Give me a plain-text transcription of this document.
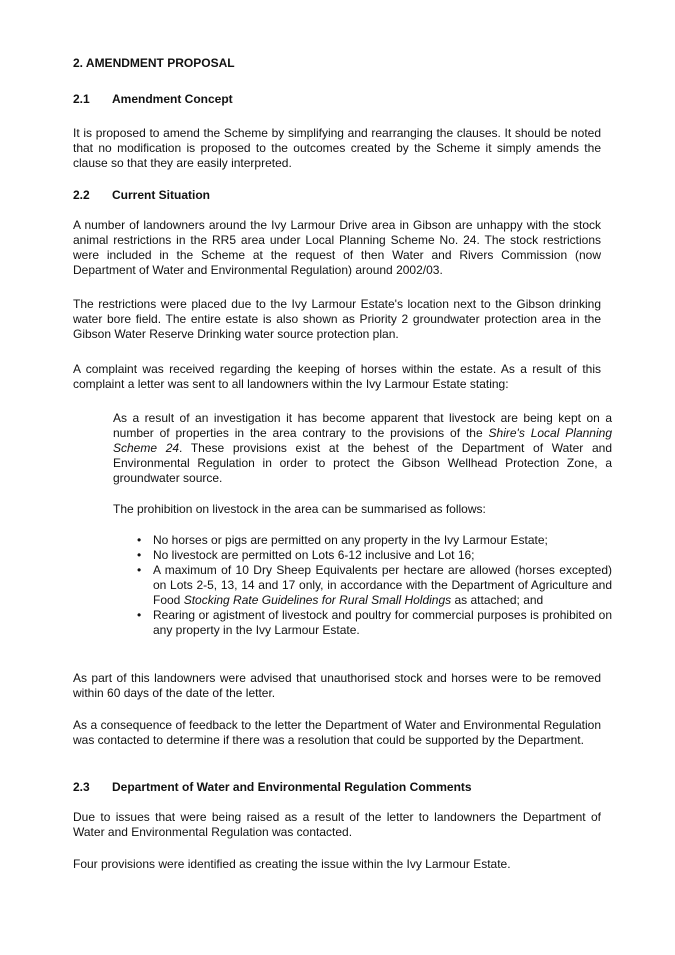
2. AMENDMENT PROPOSAL
2.1 Amendment Concept
It is proposed to amend the Scheme by simplifying and rearranging the clauses. It should be noted that no modification is proposed to the outcomes created by the Scheme it simply amends the clause so that they are easily interpreted.
2.2 Current Situation
A number of landowners around the Ivy Larmour Drive area in Gibson are unhappy with the stock animal restrictions in the RR5 area under Local Planning Scheme No. 24. The stock restrictions were included in the Scheme at the request of then Water and Rivers Commission (now Department of Water and Environmental Regulation) around 2002/03.
The restrictions were placed due to the Ivy Larmour Estate's location next to the Gibson drinking water bore field. The entire estate is also shown as Priority 2 groundwater protection area in the Gibson Water Reserve Drinking water source protection plan.
A complaint was received regarding the keeping of horses within the estate. As a result of this complaint a letter was sent to all landowners within the Ivy Larmour Estate stating:
As a result of an investigation it has become apparent that livestock are being kept on a number of properties in the area contrary to the provisions of the Shire's Local Planning Scheme 24. These provisions exist at the behest of the Department of Water and Environmental Regulation in order to protect the Gibson Wellhead Protection Zone, a groundwater source.
The prohibition on livestock in the area can be summarised as follows:
• No horses or pigs are permitted on any property in the Ivy Larmour Estate;
• No livestock are permitted on Lots 6-12 inclusive and Lot 16;
• A maximum of 10 Dry Sheep Equivalents per hectare are allowed (horses excepted) on Lots 2-5, 13, 14 and 17 only, in accordance with the Department of Agriculture and Food Stocking Rate Guidelines for Rural Small Holdings as attached; and
• Rearing or agistment of livestock and poultry for commercial purposes is prohibited on any property in the Ivy Larmour Estate.
As part of this landowners were advised that unauthorised stock and horses were to be removed within 60 days of the date of the letter.
As a consequence of feedback to the letter the Department of Water and Environmental Regulation was contacted to determine if there was a resolution that could be supported by the Department.
2.3 Department of Water and Environmental Regulation Comments
Due to issues that were being raised as a result of the letter to landowners the Department of Water and Environmental Regulation was contacted.
Four provisions were identified as creating the issue within the Ivy Larmour Estate.
